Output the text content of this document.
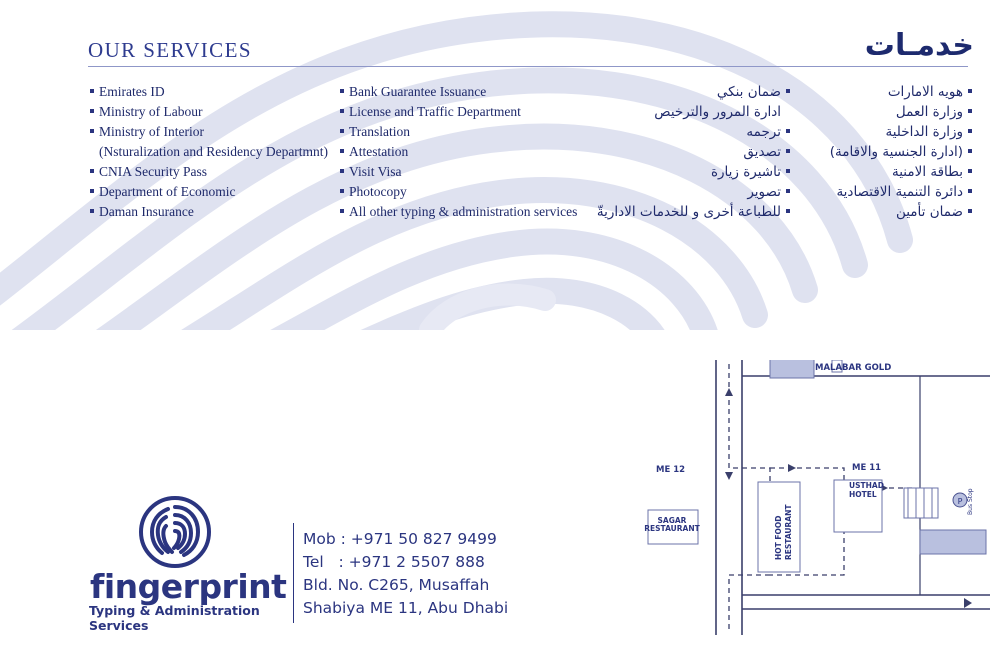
OUR SERVICES	خدمـات
Emirates ID
Ministry of Labour
Ministry of Interior
(Nsturalization and Residency Departmnt)
CNIA Security Pass
Department of Economic
Daman Insurance
Bank Guarantee Issuance
License and Traffic Department
Translation
Attestation
Visit Visa
Photocopy
All other typing & administration services
ضمان بنكي
ادارة المرور والترخيص
ترجمه
تصديق
تاشيرة زيارة
تصوير
للطباعة أخرى و للخدمات الاداريةّ
هويه الامارات
وزارة العمل
وزارة الداخلية
(ادارة الجنسية والاقامة)
بطاقة الامنية
دائرة التنمية الاقتصادية
ضمان تأمين
fingerprint
Typing & Administration Services
Mob : +971 50 827 9499
Tel   : +971 2 5507 888
Bld. No. C265, Musaffah
Shabiya ME 11, Abu Dhabi
P
MALABAR GOLD
ME 12	ME 11
SAGAR
RESTAURANT
USTHAD
HOTEL
HOT FOOD RESTAURANT
Bus Stop
